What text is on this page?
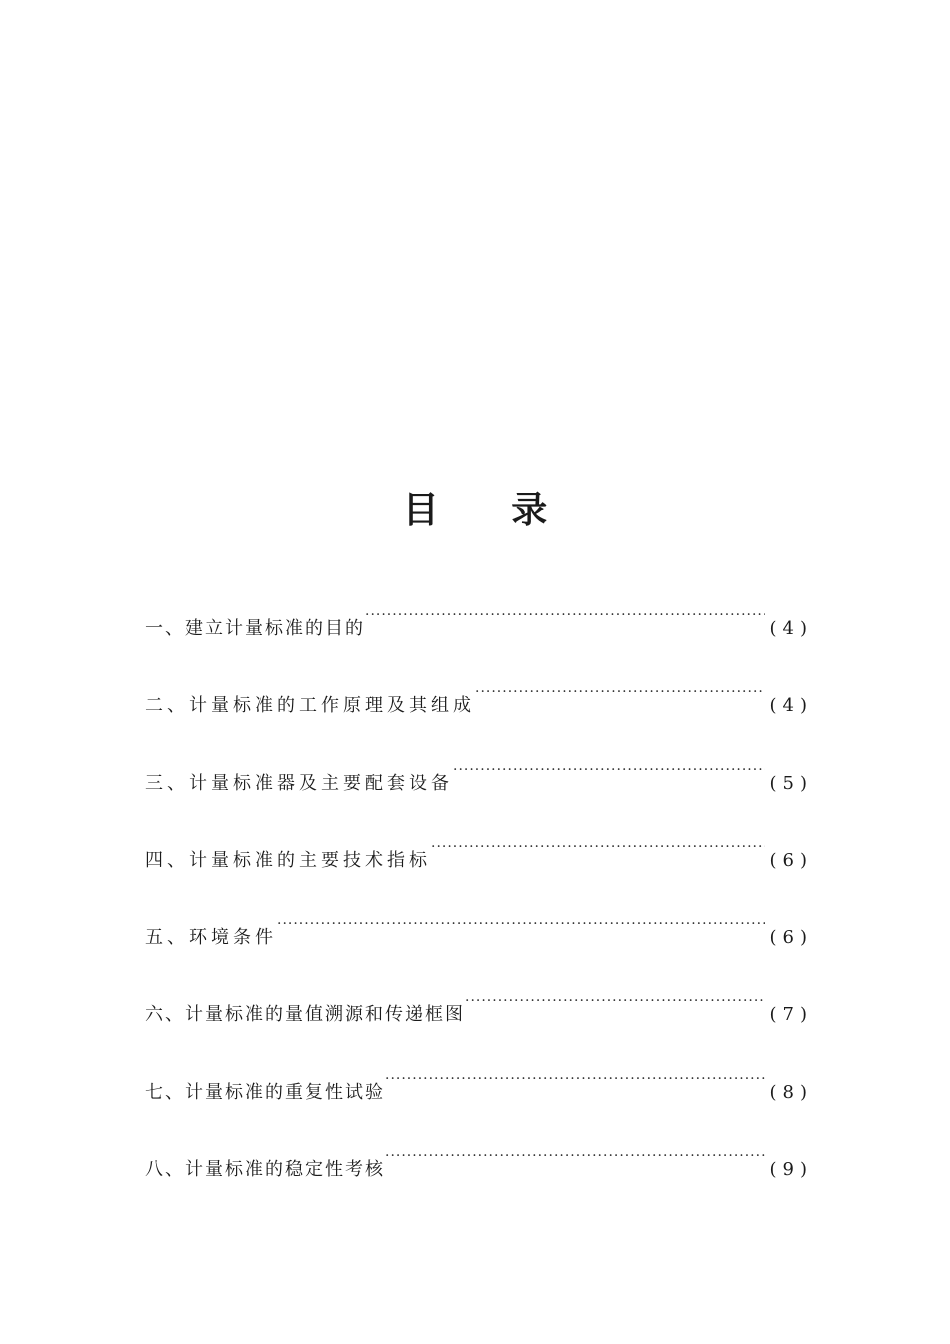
目 录
一、建立计量标准的目的 ·····	(4)
二、计量标准的工作原理及其组成 ·····	(4)
三、计量标准器及主要配套设备 ·····	(5)
四、计量标准的主要技术指标 ·····	(6)
五、环境条件 ·····	(6)
六、计量标准的量值溯源和传递框图 ·····	(7)
七、计量标准的重复性试验 ·····	(8)
八、计量标准的稳定性考核 ·····	(9)
